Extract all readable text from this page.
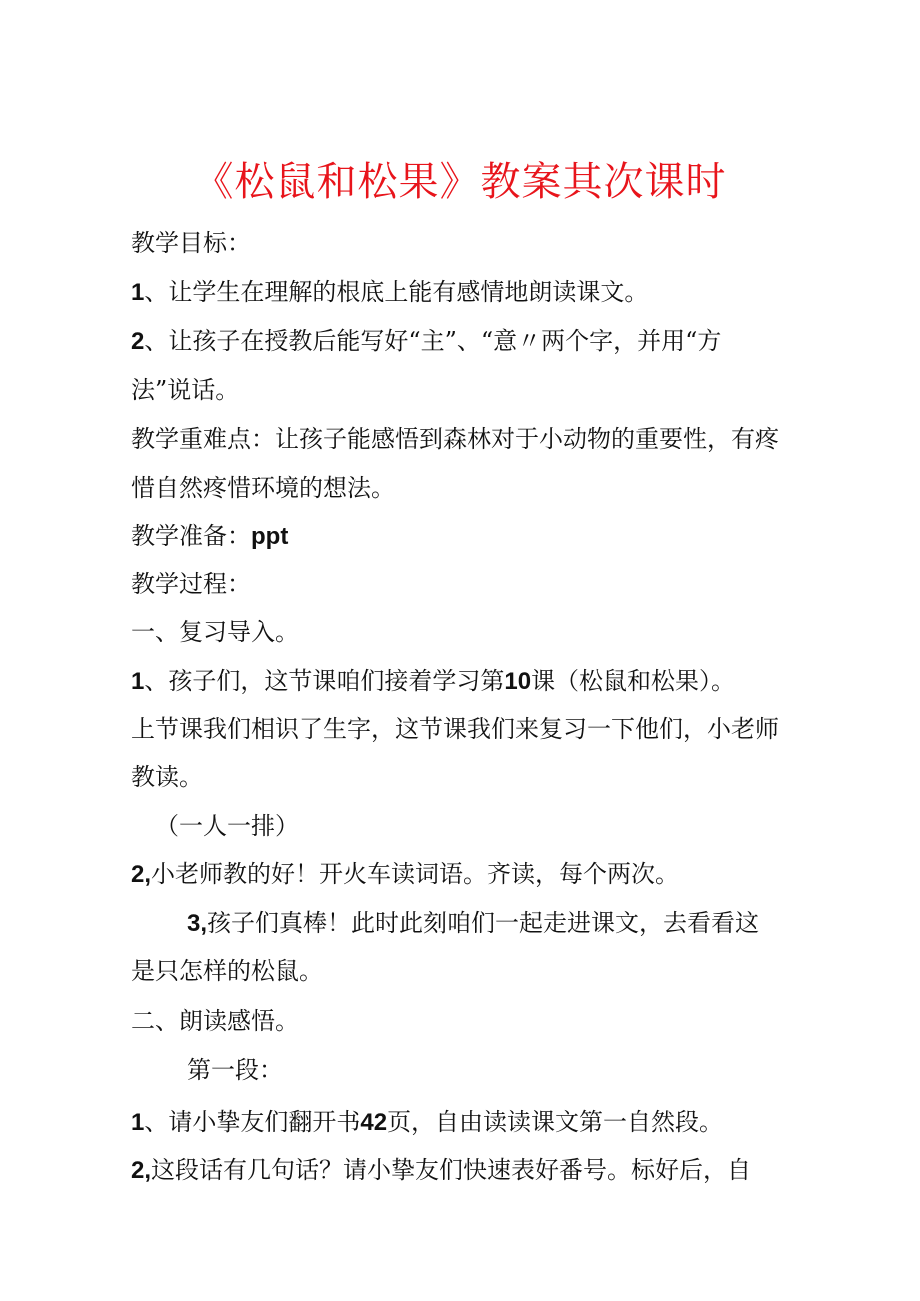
《松鼠和松果》教案其次课时
教学目标：
1、让学生在理解的根底上能有感情地朗读课文。
2、让孩子在授教后能写好“主”、“意〃两个字，并用“方
法”说话。
教学重难点：让孩子能感悟到森林对于小动物的重要性，有疼
惜自然疼惜环境的想法。
教学准备：ppt
教学过程：
一、复习导入。
1、孩子们，这节课咱们接着学习第10课（松鼠和松果）。
上节课我们相识了生字，这节课我们来复习一下他们，小老师
教读。
（一人一排）
2,小老师教的好！开火车读词语。齐读，每个两次。
3,孩子们真棒！此时此刻咱们一起走进课文，去看看这
是只怎样的松鼠。
二、朗读感悟。
第一段：
1、请小挚友们翻开书42页，自由读读课文第一自然段。
2,这段话有几句话？请小挚友们快速表好番号。标好后，自
